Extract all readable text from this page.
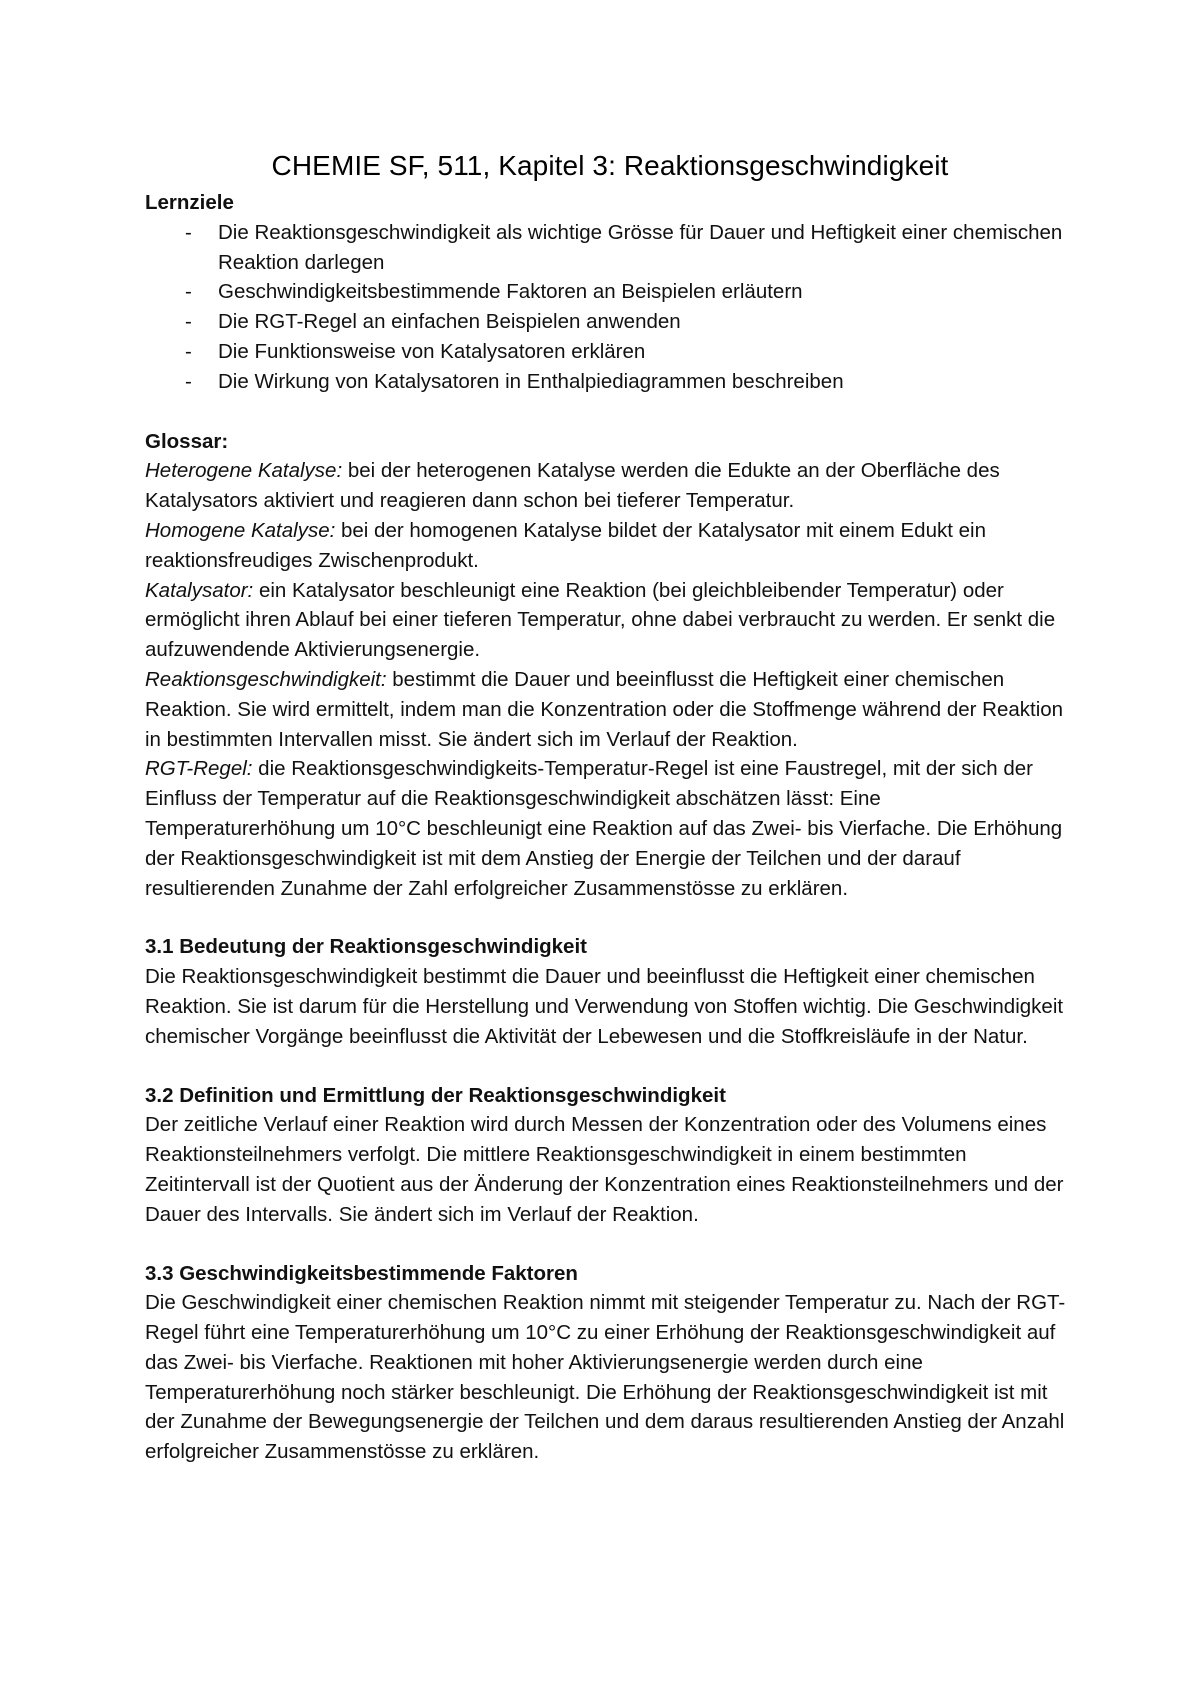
CHEMIE SF, 511, Kapitel 3: Reaktionsgeschwindigkeit
Lernziele
- Die Reaktionsgeschwindigkeit als wichtige Grösse für Dauer und Heftigkeit einer chemischen Reaktion darlegen
- Geschwindigkeitsbestimmende Faktoren an Beispielen erläutern
- Die RGT-Regel an einfachen Beispielen anwenden
- Die Funktionsweise von Katalysatoren erklären
- Die Wirkung von Katalysatoren in Enthalpiediagrammen beschreiben
Glossar:

Heterogene Katalyse: bei der heterogenen Katalyse werden die Edukte an der Oberfläche des Katalysators aktiviert und reagieren dann schon bei tieferer Temperatur.

Homogene Katalyse: bei der homogenen Katalyse bildet der Katalysator mit einem Edukt ein reaktionsfreudiges Zwischenprodukt.

Katalysator: ein Katalysator beschleunigt eine Reaktion (bei gleichbleibender Temperatur) oder ermöglicht ihren Ablauf bei einer tieferen Temperatur, ohne dabei verbraucht zu werden. Er senkt die aufzuwendende Aktivierungsenergie.

Reaktionsgeschwindigkeit: bestimmt die Dauer und beeinflusst die Heftigkeit einer chemischen Reaktion. Sie wird ermittelt, indem man die Konzentration oder die Stoffmenge während der Reaktion in bestimmten Intervallen misst. Sie ändert sich im Verlauf der Reaktion.

RGT-Regel: die Reaktionsgeschwindigkeits-Temperatur-Regel ist eine Faustregel, mit der sich der Einfluss der Temperatur auf die Reaktionsgeschwindigkeit abschätzen lässt: Eine Temperaturerhöhung um 10°C beschleunigt eine Reaktion auf das Zwei- bis Vierfache. Die Erhöhung der Reaktionsgeschwindigkeit ist mit dem Anstieg der Energie der Teilchen und der darauf resultierenden Zunahme der Zahl erfolgreicher Zusammenstösse zu erklären.

3.1 Bedeutung der Reaktionsgeschwindigkeit

Die Reaktionsgeschwindigkeit bestimmt die Dauer und beeinflusst die Heftigkeit einer chemischen Reaktion. Sie ist darum für die Herstellung und Verwendung von Stoffen wichtig. Die Geschwindigkeit chemischer Vorgänge beeinflusst die Aktivität der Lebewesen und die Stoffkreisläufe in der Natur.

3.2 Definition und Ermittlung der Reaktionsgeschwindigkeit

Der zeitliche Verlauf einer Reaktion wird durch Messen der Konzentration oder des Volumens eines Reaktionsteilnehmers verfolgt. Die mittlere Reaktionsgeschwindigkeit in einem bestimmten Zeitintervall ist der Quotient aus der Änderung der Konzentration eines Reaktionsteilnehmers und der Dauer des Intervalls. Sie ändert sich im Verlauf der Reaktion.

3.3 Geschwindigkeitsbestimmende Faktoren

Die Geschwindigkeit einer chemischen Reaktion nimmt mit steigender Temperatur zu. Nach der RGT-Regel führt eine Temperaturerhöhung um 10°C zu einer Erhöhung der Reaktionsgeschwindigkeit auf das Zwei- bis Vierfache. Reaktionen mit hoher Aktivierungsenergie werden durch eine Temperaturerhöhung noch stärker beschleunigt. Die Erhöhung der Reaktionsgeschwindigkeit ist mit der Zunahme der Bewegungsenergie der Teilchen und dem daraus resultierenden Anstieg der Anzahl erfolgreicher Zusammenstösse zu erklären.
